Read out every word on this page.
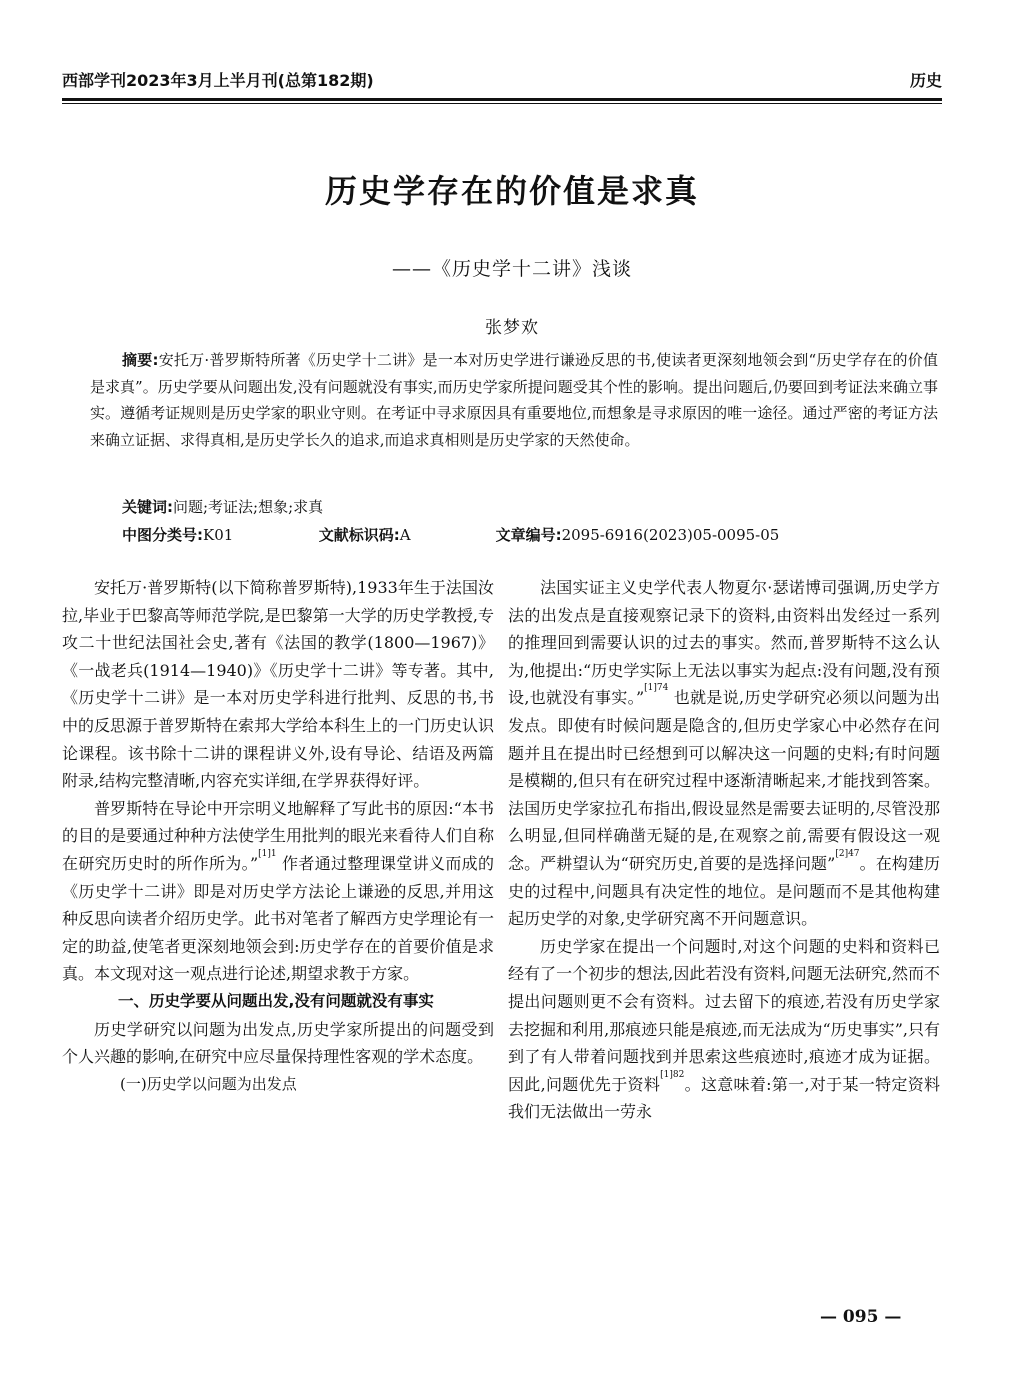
西部学刊2023年3月上半月刊(总第182期)	历史
历史学存在的价值是求真
——《历史学十二讲》浅谈
张梦欢
摘要:安托万·普罗斯特所著《历史学十二讲》是一本对历史学进行谦逊反思的书,使读者更深刻地领会到“历史学存在的价值是求真”。历史学要从问题出发,没有问题就没有事实,而历史学家所提问题受其个性的影响。提出问题后,仍要回到考证法来确立事实。遵循考证规则是历史学家的职业守则。在考证中寻求原因具有重要地位,而想象是寻求原因的唯一途径。通过严密的考证方法来确立证据、求得真相,是历史学长久的追求,而追求真相则是历史学家的天然使命。
关键词:问题;考证法;想象;求真
中图分类号:K01	文献标识码:A	文章编号:2095-6916(2023)05-0095-05

安托万·普罗斯特(以下简称普罗斯特),1933年生于法国汝拉,毕业于巴黎高等师范学院,是巴黎第一大学的历史学教授,专攻二十世纪法国社会史,著有《法国的教学(1800—1967)》《一战老兵(1914—1940)》《历史学十二讲》等专著。其中,《历史学十二讲》是一本对历史学科进行批判、反思的书,书中的反思源于普罗斯特在索邦大学给本科生上的一门历史认识论课程。该书除十二讲的课程讲义外,设有导论、结语及两篇附录,结构完整清晰,内容充实详细,在学界获得好评。

普罗斯特在导论中开宗明义地解释了写此书的原因:“本书的目的是要通过种种方法使学生用批判的眼光来看待人们自称在研究历史时的所作所为。”$^{[1]1}$ 作者通过整理课堂讲义而成的《历史学十二讲》即是对历史学方法论上谦逊的反思,并用这种反思向读者介绍历史学。此书对笔者了解西方史学理论有一定的助益,使笔者更深刻地领会到:历史学存在的首要价值是求真。本文现对这一观点进行论述,期望求教于方家。

一、历史学要从问题出发,没有问题就没有事实

历史学研究以问题为出发点,历史学家所提出的问题受到个人兴趣的影响,在研究中应尽量保持理性客观的学术态度。

(一)历史学以问题为出发点

法国实证主义史学代表人物夏尔·瑟诺博司强调,历史学方法的出发点是直接观察记录下的资料,由资料出发经过一系列的推理回到需要认识的过去的事实。然而,普罗斯特不这么认为,他提出:“历史学实际上无法以事实为起点:没有问题,没有预设,也就没有事实。”$^{[1]74}$ 也就是说,历史学研究必须以问题为出发点。即使有时候问题是隐含的,但历史学家心中必然存在问题并且在提出时已经想到可以解决这一问题的史料;有时问题是模糊的,但只有在研究过程中逐渐清晰起来,才能找到答案。法国历史学家拉孔布指出,假设显然是需要去证明的,尽管没那么明显,但同样确凿无疑的是,在观察之前,需要有假设这一观念。严耕望认为“研究历史,首要的是选择问题”$^{[2]47}$。在构建历史的过程中,问题具有决定性的地位。是问题而不是其他构建起历史学的对象,史学研究离不开问题意识。

历史学家在提出一个问题时,对这个问题的史料和资料已经有了一个初步的想法,因此若没有资料,问题无法研究,然而不提出问题则更不会有资料。过去留下的痕迹,若没有历史学家去挖掘和利用,那痕迹只能是痕迹,而无法成为“历史事实”,只有到了有人带着问题找到并思索这些痕迹时,痕迹才成为证据。因此,问题优先于资料$^{[1]82}$。这意味着:第一,对于某一特定资料我们无法做出一劳永

— 095 —
